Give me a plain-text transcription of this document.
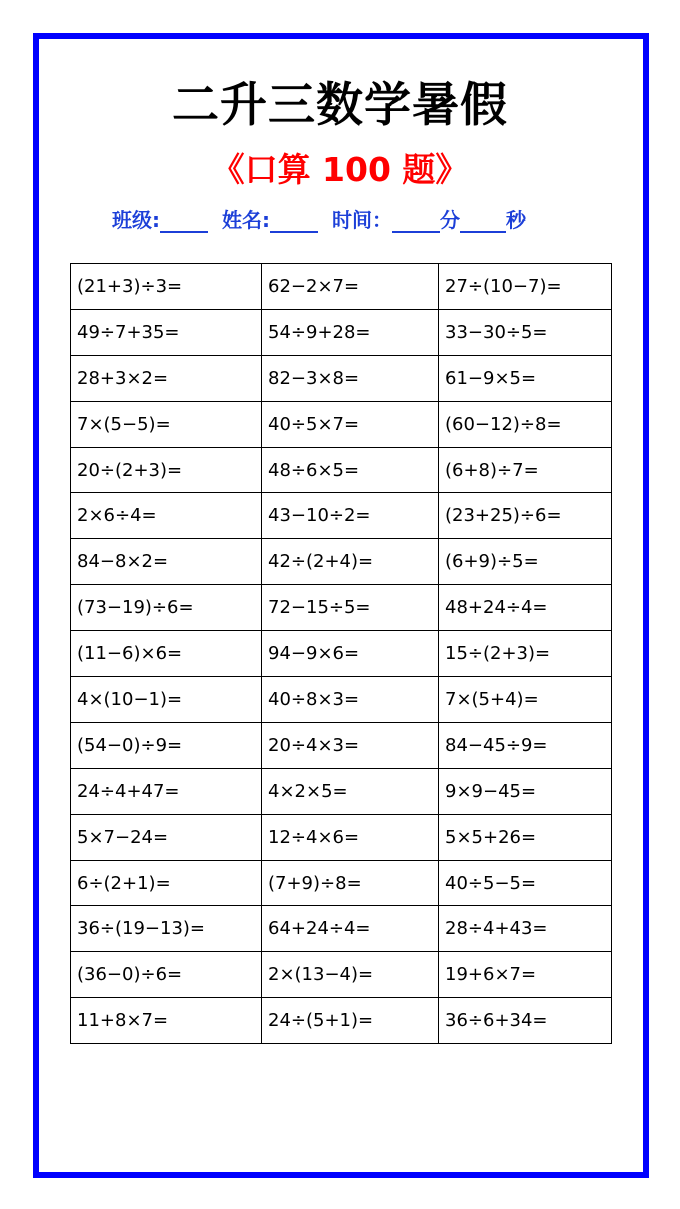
二升三数学暑假
《口算 100 题》
班级:	姓名:	时间： 分 秒
(21+3)÷3=	62−2×7=	27÷(10−7)=
49÷7+35=	54÷9+28=	33−30÷5=
28+3×2=	82−3×8=	61−9×5=
7×(5−5)=	40÷5×7=	(60−12)÷8=
20÷(2+3)=	48÷6×5=	(6+8)÷7=
2×6÷4=	43−10÷2=	(23+25)÷6=
84−8×2=	42÷(2+4)=	(6+9)÷5=
(73−19)÷6=	72−15÷5=	48+24÷4=
(11−6)×6=	94−9×6=	15÷(2+3)=
4×(10−1)=	40÷8×3=	7×(5+4)=
(54−0)÷9=	20÷4×3=	84−45÷9=
24÷4+47=	4×2×5=	9×9−45=
5×7−24=	12÷4×6=	5×5+26=
6÷(2+1)=	(7+9)÷8=	40÷5−5=
36÷(19−13)=	64+24÷4=	28÷4+43=
(36−0)÷6=	2×(13−4)=	19+6×7=
11+8×7=	24÷(5+1)=	36÷6+34=
